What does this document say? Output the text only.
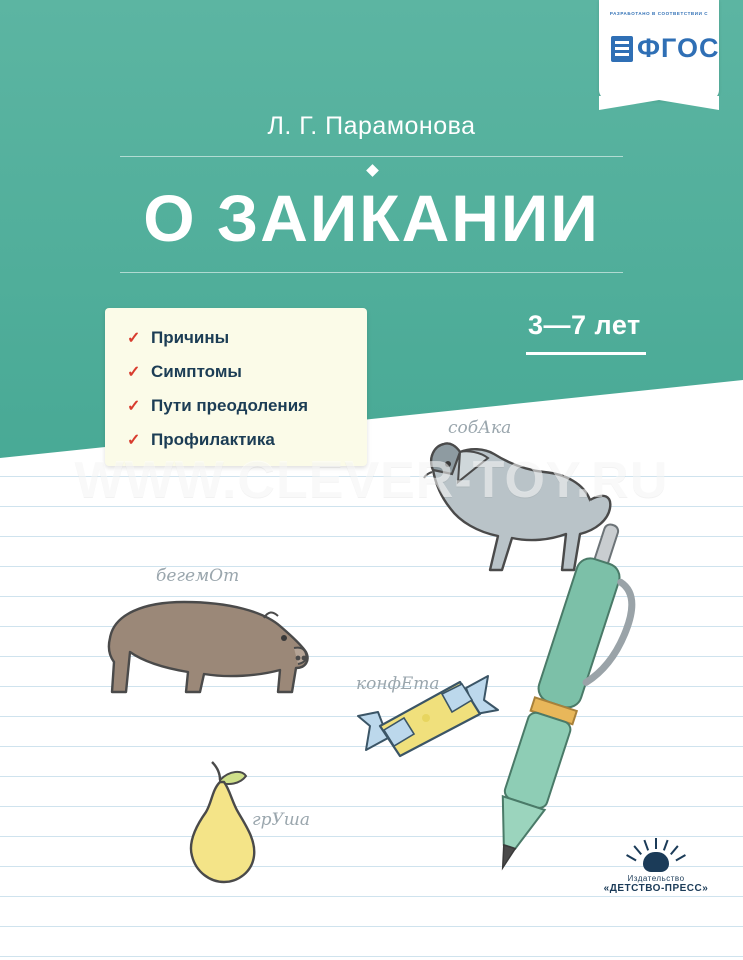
РАЗРАБОТАНО В СООТВЕТСТВИИ С
ФГОС
Л. Г. Парамонова
О ЗАИКАНИИ
✓ Причины
✓ Симптомы
✓ Пути преодоления
✓ Профилактика
3—7 лет
собАка
бегемОт
конфЕта
грУша
WWW.CLEVER-TOY.RU
Издательство
«ДЕТСТВО-ПРЕСС»
